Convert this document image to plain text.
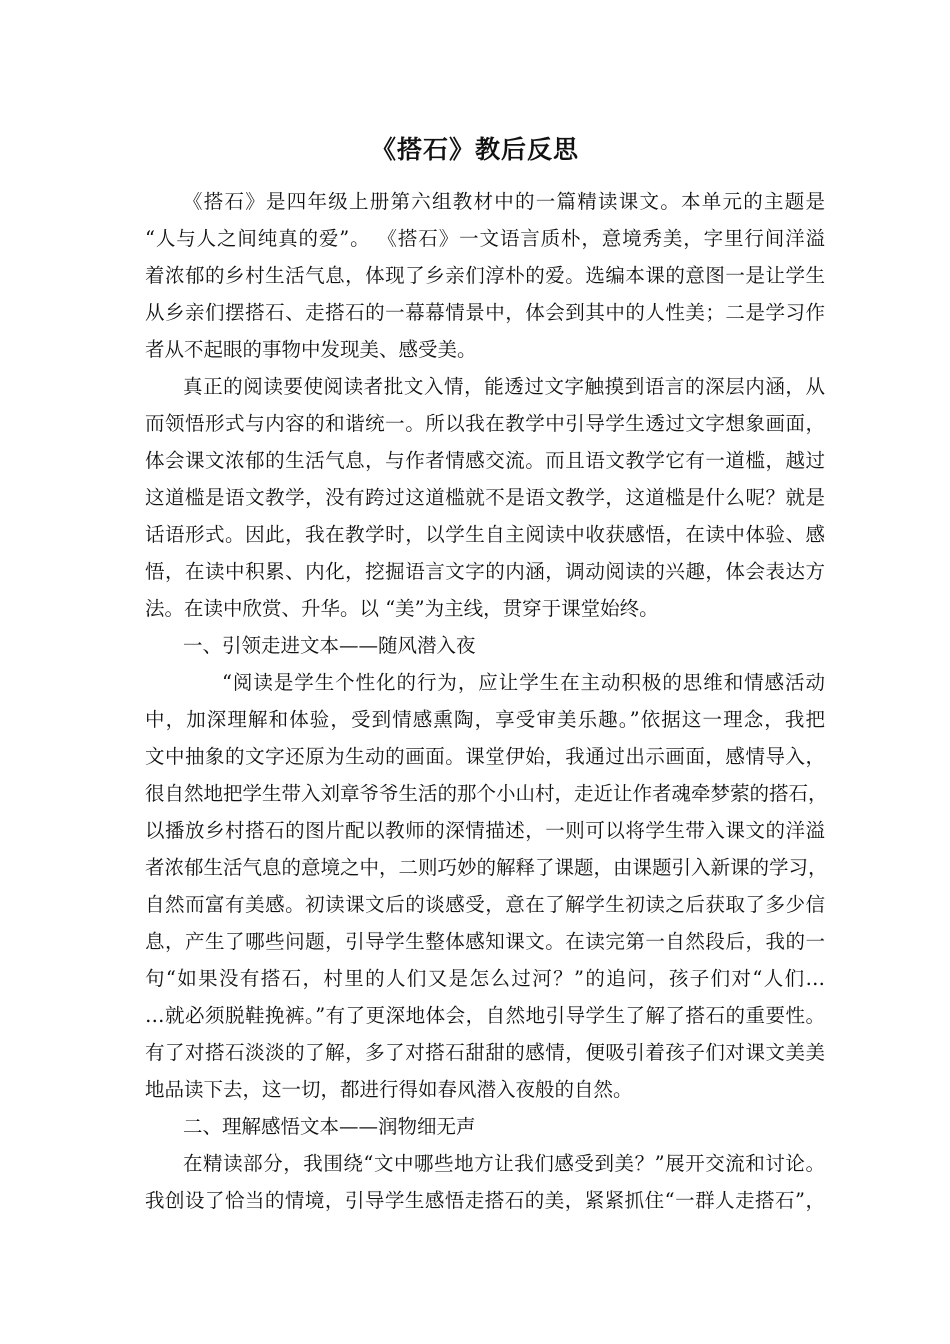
《搭石》教后反思

《搭石》是四年级上册第六组教材中的一篇精读课文。本单元的主题是

“人与人之间纯真的爱”。 《搭石》一文语言质朴，意境秀美，字里行间洋溢

着浓郁的乡村生活气息，体现了乡亲们淳朴的爱。选编本课的意图一是让学生

从乡亲们摆搭石、走搭石的一幕幕情景中，体会到其中的人性美；二是学习作

者从不起眼的事物中发现美、感受美。

真正的阅读要使阅读者批文入情，能透过文字触摸到语言的深层内涵，从

而领悟形式与内容的和谐统一。所以我在教学中引导学生透过文字想象画面，

体会课文浓郁的生活气息，与作者情感交流。而且语文教学它有一道槛，越过

这道槛是语文教学，没有跨过这道槛就不是语文教学，这道槛是什么呢？就是

话语形式。因此，我在教学时，以学生自主阅读中收获感悟，在读中体验、感

悟，在读中积累、内化，挖掘语言文字的内涵，调动阅读的兴趣，体会表达方

法。在读中欣赏、升华。以 “美”为主线，贯穿于课堂始终。

一、引领走进文本——随风潜入夜

“阅读是学生个性化的行为，应让学生在主动积极的思维和情感活动

中，加深理解和体验，受到情感熏陶，享受审美乐趣。”依据这一理念，我把

文中抽象的文字还原为生动的画面。课堂伊始，我通过出示画面，感情导入，

很自然地把学生带入刘章爷爷生活的那个小山村，走近让作者魂牵梦萦的搭石，

以播放乡村搭石的图片配以教师的深情描述，一则可以将学生带入课文的洋溢

者浓郁生活气息的意境之中，二则巧妙的解释了课题，由课题引入新课的学习，

自然而富有美感。初读课文后的谈感受，意在了解学生初读之后获取了多少信

息，产生了哪些问题，引导学生整体感知课文。在读完第一自然段后，我的一

句“如果没有搭石，村里的人们又是怎么过河？”的追问，孩子们对“人们…

…就必须脱鞋挽裤。”有了更深地体会，自然地引导学生了解了搭石的重要性。

有了对搭石淡淡的了解，多了对搭石甜甜的感情，便吸引着孩子们对课文美美

地品读下去，这一切，都进行得如春风潜入夜般的自然。

二、理解感悟文本——润物细无声

在精读部分，我围绕“文中哪些地方让我们感受到美？”展开交流和讨论。

我创设了恰当的情境，引导学生感悟走搭石的美，紧紧抓住“一群人走搭石”，
